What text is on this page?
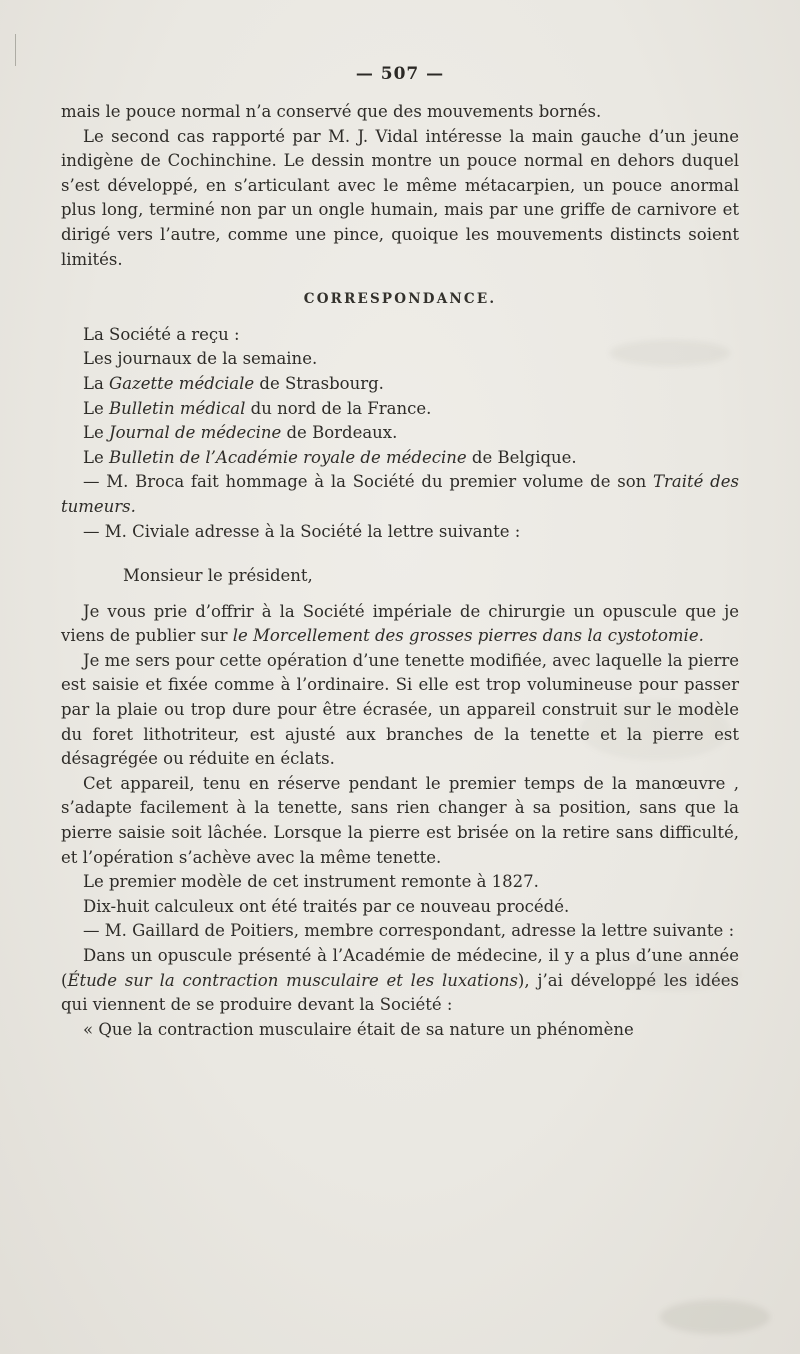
— 507 —

mais le pouce normal n’a conservé que des mouvements bornés.

Le second cas rapporté par M. J. Vidal intéresse la main gauche d’un jeune indigène de Cochinchine. Le dessin montre un pouce normal en dehors duquel s’est développé, en s’articulant avec le même métacarpien, un pouce anormal plus long, terminé non par un ongle humain, mais par une griffe de carnivore et dirigé vers l’autre, comme une pince, quoique les mouvements distincts soient limités.

CORRESPONDANCE.

La Société a reçu :

Les journaux de la semaine.

La Gazette médciale de Strasbourg.

Le Bulletin médical du nord de la France.

Le Journal de médecine de Bordeaux.

Le Bulletin de l’Académie royale de médecine de Belgique.

— M. Broca fait hommage à la Société du premier volume de son Traité des tumeurs.

— M. Civiale adresse à la Société la lettre suivante :

Monsieur le président,

Je vous prie d’offrir à la Société impériale de chirurgie un opuscule que je viens de publier sur le Morcellement des grosses pierres dans la cystotomie.

Je me sers pour cette opération d’une tenette modifiée, avec laquelle la pierre est saisie et fixée comme à l’ordinaire. Si elle est trop volumineuse pour passer par la plaie ou trop dure pour être écrasée, un appareil construit sur le modèle du foret lithotriteur, est ajusté aux branches de la tenette et la pierre est désagrégée ou réduite en éclats.

Cet appareil, tenu en réserve pendant le premier temps de la manœuvre , s’adapte facilement à la tenette, sans rien changer à sa position, sans que la pierre saisie soit lâchée. Lorsque la pierre est brisée on la retire sans difficulté, et l’opération s’achève avec la même tenette.

Le premier modèle de cet instrument remonte à 1827.

Dix-huit calculeux ont été traités par ce nouveau procédé.

— M. Gaillard de Poitiers, membre correspondant, adresse la lettre suivante :

Dans un opuscule présenté à l’Académie de médecine, il y a plus d’une année (Étude sur la contraction musculaire et les luxations), j’ai développé les idées qui viennent de se produire devant la Société :

« Que la contraction musculaire était de sa nature un phénomène
